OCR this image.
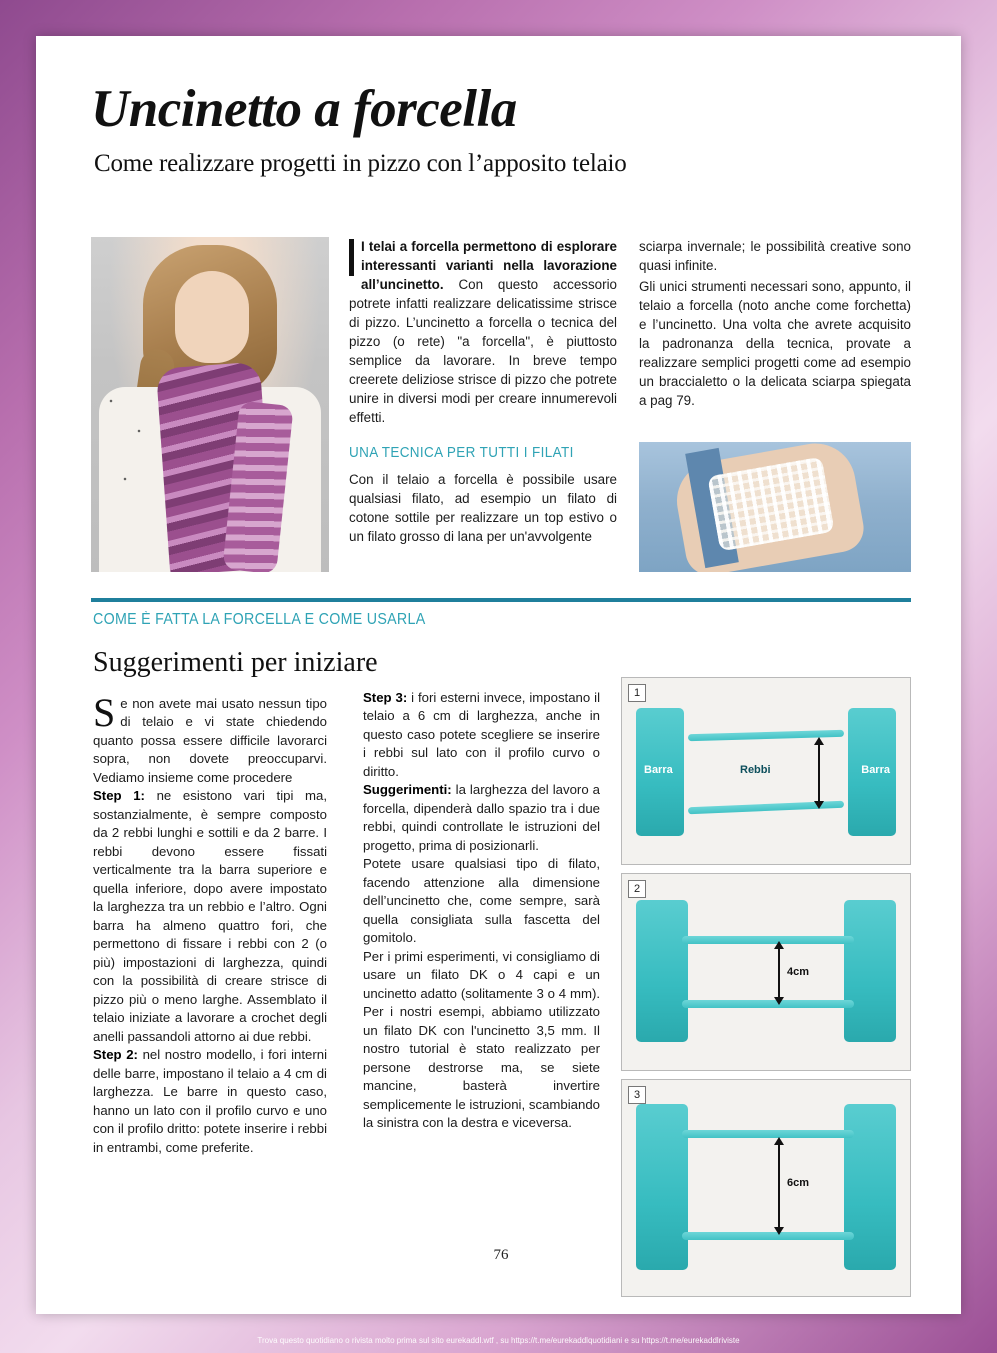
Uncinetto a forcella
Come realizzare progetti in pizzo con l’apposito telaio

I telai a forcella permettono di esplorare interessanti varianti nella lavorazione all’uncinetto. Con questo accessorio potrete infatti realizzare delicatissime strisce di pizzo. L’uncinetto a forcella o tecnica del pizzo (o rete) "a forcella", è piuttosto semplice da lavorare. In breve tempo creerete deliziose strisce di pizzo che potrete unire in diversi modi per creare innumerevoli effetti.

UNA TECNICA PER TUTTI I FILATI

Con il telaio a forcella è possibile usare qualsiasi filato, ad esempio un filato di cotone sottile per realizzare un top estivo o un filato grosso di lana per un'avvolgente

sciarpa invernale; le possibilità creative sono quasi infinite.

Gli unici strumenti necessari sono, appunto, il telaio a forcella (noto anche come forchetta) e l’uncinetto. Una volta che avrete acquisito la padronanza della tecnica, provate a realizzare semplici progetti come ad esempio un braccialetto o la delicata sciarpa spiegata a pag 79.

COME È FATTA LA FORCELLA E COME USARLA
Suggerimenti per iniziare

Se non avete mai usato nessun tipo di telaio e vi state chiedendo quanto possa essere difficile lavorarci sopra, non dovete preoccuparvi. Vediamo insieme come procedere

Step 1: ne esistono vari tipi ma, sostanzialmente, è sempre composto da 2 rebbi lunghi e sottili e da 2 barre. I rebbi devono essere fissati verticalmente tra la barra superiore e quella inferiore, dopo avere impostato la larghezza tra un rebbio e l’altro. Ogni barra ha almeno quattro fori, che permettono di fissare i rebbi con 2 (o più) impostazioni di larghezza, quindi con la possibilità di creare strisce di pizzo più o meno larghe. Assemblato il telaio iniziate a lavorare a crochet degli anelli passandoli attorno ai due rebbi.

Step 2: nel nostro modello, i fori interni delle barre, impostano il telaio a 4 cm di larghezza. Le barre in questo caso, hanno un lato con il profilo curvo e uno con il profilo dritto: potete inserire i rebbi in entrambi, come preferite.

Step 3: i fori esterni invece, impostano il telaio a 6 cm di larghezza, anche in questo caso potete scegliere se inserire i rebbi sul lato con il profilo curvo o diritto.

Suggerimenti: la larghezza del lavoro a forcella, dipenderà dallo spazio tra i due rebbi, quindi controllate le istruzioni del progetto, prima di posizionarli.

Potete usare qualsiasi tipo di filato, facendo attenzione alla dimensione dell’uncinetto che, come sempre, sarà quella consigliata sulla fascetta del gomitolo.

Per i primi esperimenti, vi consigliamo di usare un filato DK o 4 capi e un uncinetto adatto (solitamente 3 o 4 mm). Per i nostri esempi, abbiamo utilizzato un filato DK con l'uncinetto 3,5 mm. Il nostro tutorial è stato realizzato per persone destrorse ma, se siete mancine, basterà invertire semplicemente le istruzioni, scambiando la sinistra con la destra e viceversa.

1
Barra	Barra
Rebbi
2
4cm
3
6cm
76
Trova questo quotidiano o rivista molto prima sul sito eurekaddl.wtf , su https://t.me/eurekaddlquotidiani e su https://t.me/eurekaddlriviste
